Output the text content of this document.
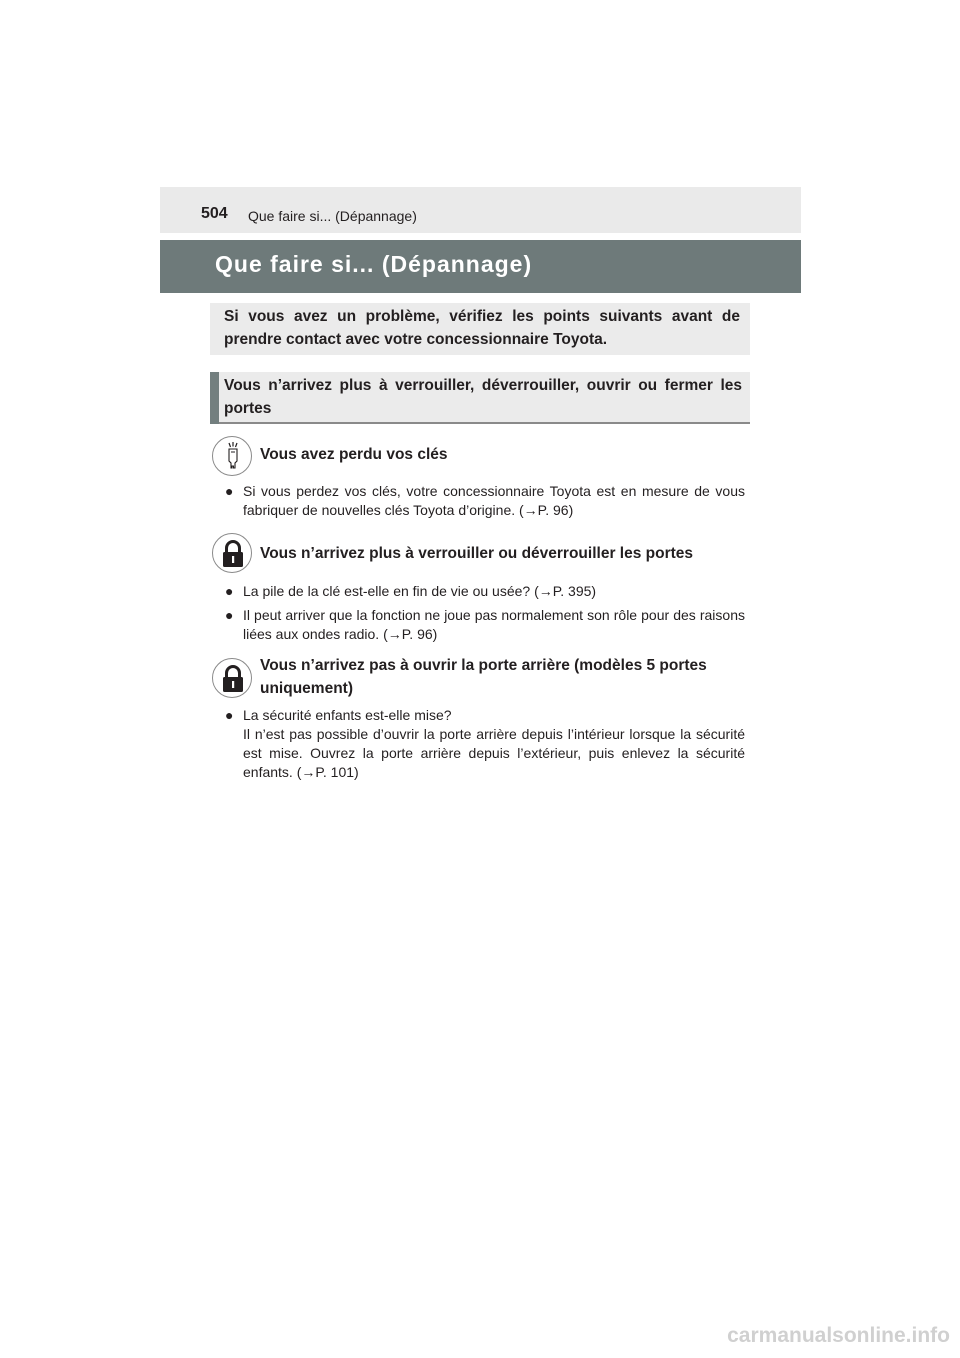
504 Que faire si... (Dépannage)
Que faire si... (Dépannage)
Si vous avez un problème, vérifiez les points suivants avant de prendre contact avec votre concessionnaire Toyota.
Vous n’arrivez plus à verrouiller, déverrouiller, ouvrir ou fermer les portes
Vous avez perdu vos clés
● Si vous perdez vos clés, votre concessionnaire Toyota est en mesure de vous fabriquer de nouvelles clés Toyota d’origine. (→P. 96)
Vous n’arrivez plus à verrouiller ou déverrouiller les portes
● La pile de la clé est-elle en fin de vie ou usée? (→P. 395)
● Il peut arriver que la fonction ne joue pas normalement son rôle pour des raisons liées aux ondes radio. (→P. 96)
Vous n’arrivez pas à ouvrir la porte arrière (modèles 5 portes uniquement)
● La sécurité enfants est-elle mise?
Il n’est pas possible d’ouvrir la porte arrière depuis l’intérieur lorsque la sécurité est mise. Ouvrez la porte arrière depuis l’extérieur, puis enlevez la sécurité enfants. (→P. 101)
carmanualsonline.info
